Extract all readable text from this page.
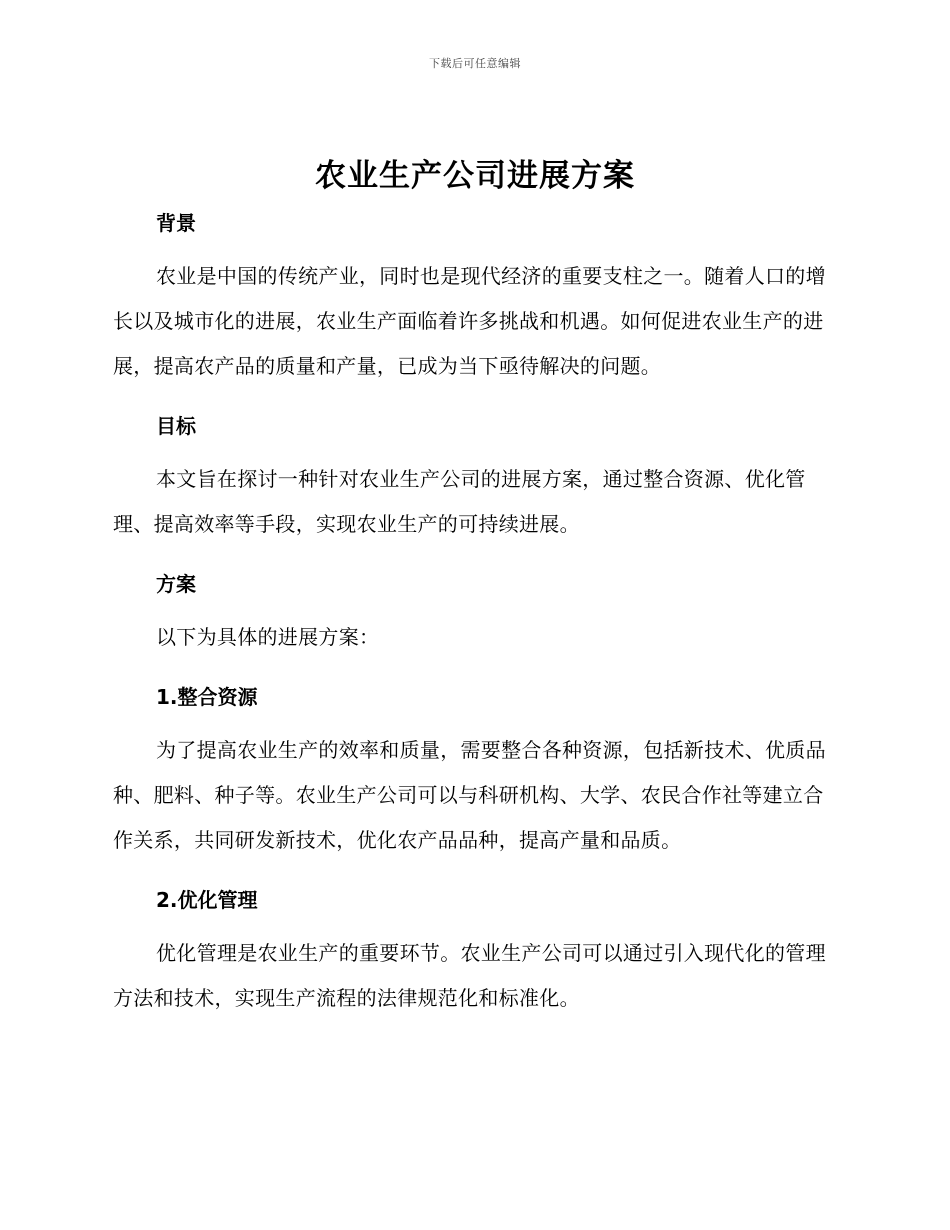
下载后可任意编辑
农业生产公司进展方案
背景

农业是中国的传统产业，同时也是现代经济的重要支柱之一。随着人口的增长以及城市化的进展，农业生产面临着许多挑战和机遇。如何促进农业生产的进展，提高农产品的质量和产量，已成为当下亟待解决的问题。

目标

本文旨在探讨一种针对农业生产公司的进展方案，通过整合资源、优化管理、提高效率等手段，实现农业生产的可持续进展。

方案

以下为具体的进展方案：

1.整合资源

为了提高农业生产的效率和质量，需要整合各种资源，包括新技术、优质品种、肥料、种子等。农业生产公司可以与科研机构、大学、农民合作社等建立合作关系，共同研发新技术，优化农产品品种，提高产量和品质。

2.优化管理

优化管理是农业生产的重要环节。农业生产公司可以通过引入现代化的管理方法和技术，实现生产流程的法律规范化和标准化。
